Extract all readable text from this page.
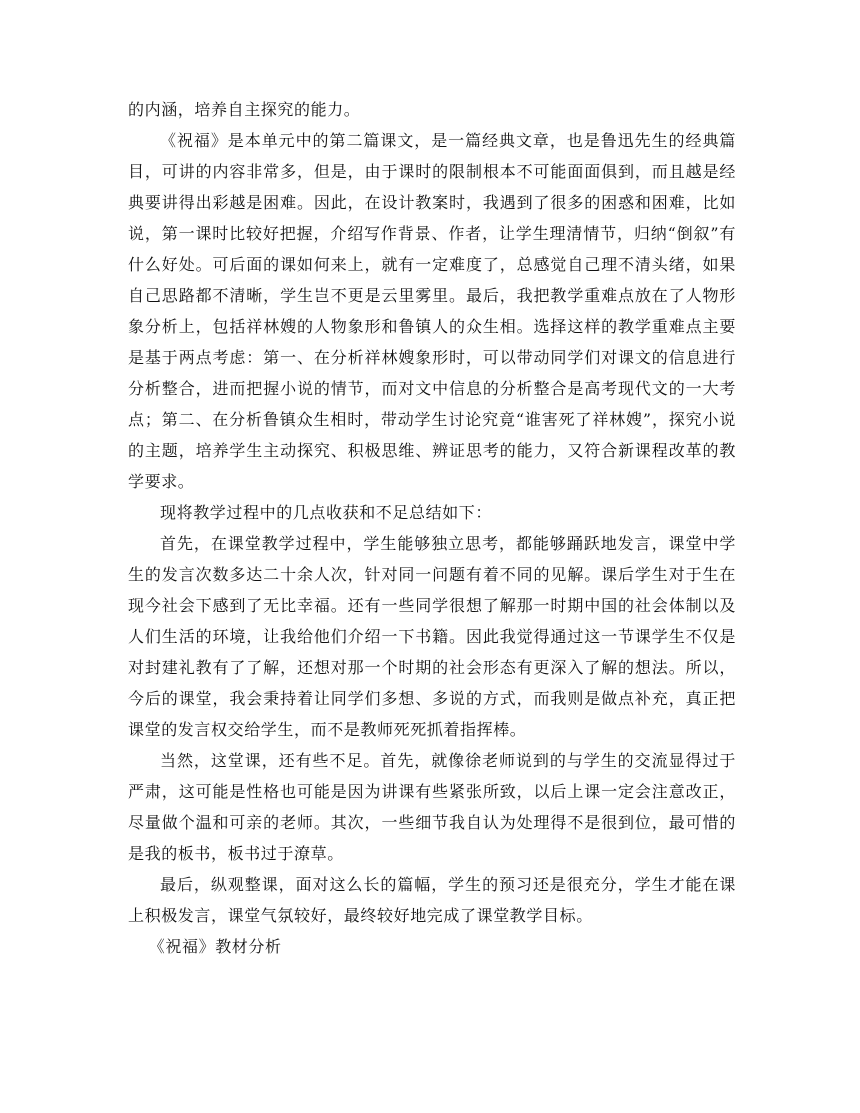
的内涵，培养自主探究的能力。

《祝福》是本单元中的第二篇课文，是一篇经典文章，也是鲁迅先生的经典篇目，可讲的内容非常多，但是，由于课时的限制根本不可能面面俱到，而且越是经典要讲得出彩越是困难。因此，在设计教案时，我遇到了很多的困惑和困难，比如说，第一课时比较好把握，介绍写作背景、作者，让学生理清情节，归纳“倒叙”有什么好处。可后面的课如何来上，就有一定难度了，总感觉自己理不清头绪，如果自己思路都不清晰，学生岂不更是云里雾里。最后，我把教学重难点放在了人物形象分析上，包括祥林嫂的人物象形和鲁镇人的众生相。选择这样的教学重难点主要是基于两点考虑：第一、在分析祥林嫂象形时，可以带动同学们对课文的信息进行分析整合，进而把握小说的情节，而对文中信息的分析整合是高考现代文的一大考点；第二、在分析鲁镇众生相时，带动学生讨论究竟“谁害死了祥林嫂”，探究小说的主题，培养学生主动探究、积极思维、辨证思考的能力，又符合新课程改革的教学要求。

现将教学过程中的几点收获和不足总结如下：

首先，在课堂教学过程中，学生能够独立思考，都能够踊跃地发言，课堂中学生的发言次数多达二十余人次，针对同一问题有着不同的见解。课后学生对于生在现今社会下感到了无比幸福。还有一些同学很想了解那一时期中国的社会体制以及人们生活的环境，让我给他们介绍一下书籍。因此我觉得通过这一节课学生不仅是对封建礼教有了了解，还想对那一个时期的社会形态有更深入了解的想法。所以，今后的课堂，我会秉持着让同学们多想、多说的方式，而我则是做点补充，真正把课堂的发言权交给学生，而不是教师死死抓着指挥棒。

当然，这堂课，还有些不足。首先，就像徐老师说到的与学生的交流显得过于严肃，这可能是性格也可能是因为讲课有些紧张所致，以后上课一定会注意改正，尽量做个温和可亲的老师。其次，一些细节我自认为处理得不是很到位，最可惜的是我的板书，板书过于潦草。

最后，纵观整课，面对这么长的篇幅，学生的预习还是很充分，学生才能在课上积极发言，课堂气氛较好，最终较好地完成了课堂教学目标。

《祝福》教材分析
